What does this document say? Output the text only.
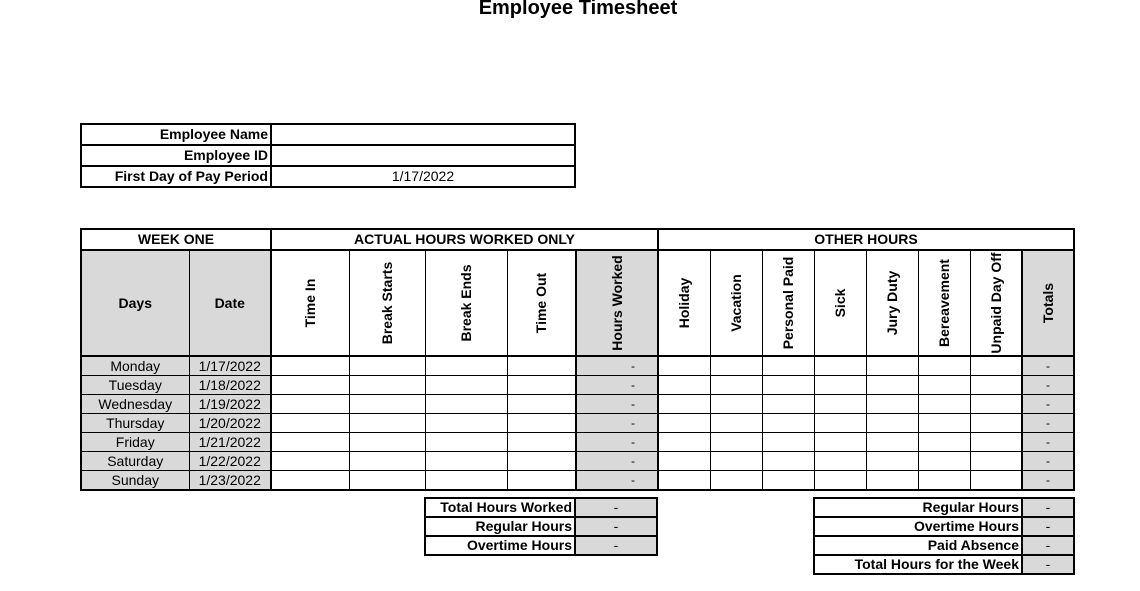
Employee Timesheet
Employee Name	
Employee ID	
First Day of Pay Period	1/17/2022
WEEK ONE		ACTUAL HOURS WORKED ONLY					OTHER HOURS							
Days	Date	Time In	Break Starts	Break Ends	Time Out	Hours Worked	Holiday	Vacation	Personal Paid	Sick	Jury Duty	Bereavement	Unpaid Day Off	Totals

Monday	1/17/2022					-								-
Tuesday	1/18/2022					-								-
Wednesday	1/19/2022					-								-
Thursday	1/20/2022					-								-
Friday	1/21/2022					-								-
Saturday	1/22/2022					-								-
Sunday	1/23/2022					-								-
Total Hours Worked	-
Regular Hours	-
Overtime Hours	-
Regular Hours	-
Overtime Hours	-
Paid Absence	-
Total Hours for the Week	-
